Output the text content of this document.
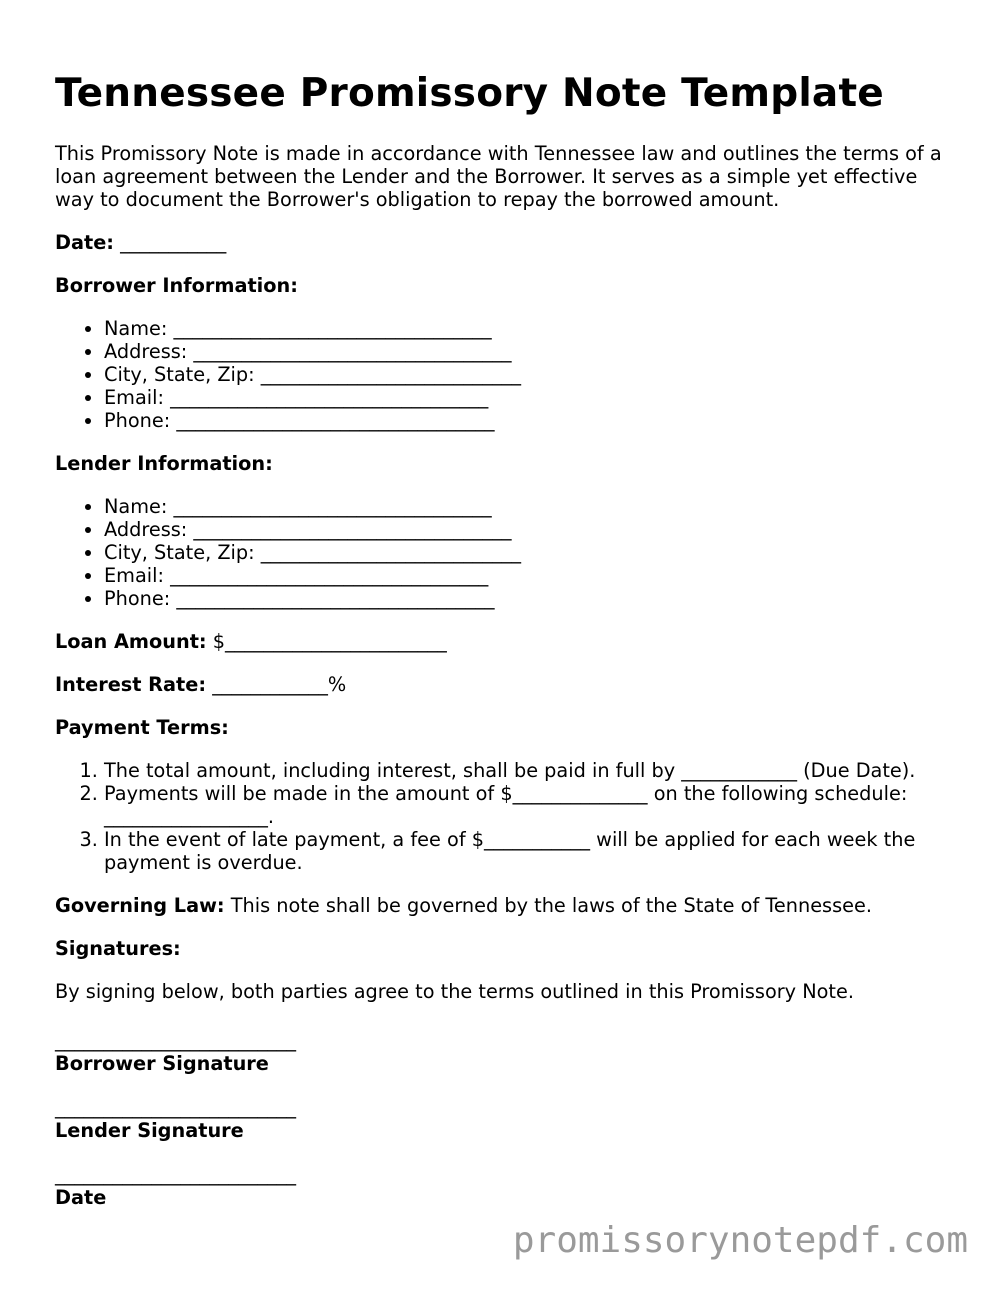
Tennessee Promissory Note Template

This Promissory Note is made in accordance with Tennessee law and outlines the terms of a loan agreement between the Lender and the Borrower. It serves as a simple yet effective way to document the Borrower's obligation to repay the borrowed amount.

Date: ___________

Borrower Information:

• Name: _________________________________
• Address: _________________________________
• City, State, Zip: ___________________________
• Email: _________________________________
• Phone: _________________________________

Lender Information:

• Name: _________________________________
• Address: _________________________________
• City, State, Zip: ___________________________
• Email: _________________________________
• Phone: _________________________________

Loan Amount: $_______________________

Interest Rate: ____________%

Payment Terms:

1. The total amount, including interest, shall be paid in full by ____________ (Due Date).
2. Payments will be made in the amount of $______________ on the following schedule: _________________.
3. In the event of late payment, a fee of $___________ will be applied for each week the payment is overdue.

Governing Law: This note shall be governed by the laws of the State of Tennessee.

Signatures:

By signing below, both parties agree to the terms outlined in this Promissory Note.

_________________________
Borrower Signature
_________________________
Lender Signature
_________________________
Date
promissorynotepdf.com
